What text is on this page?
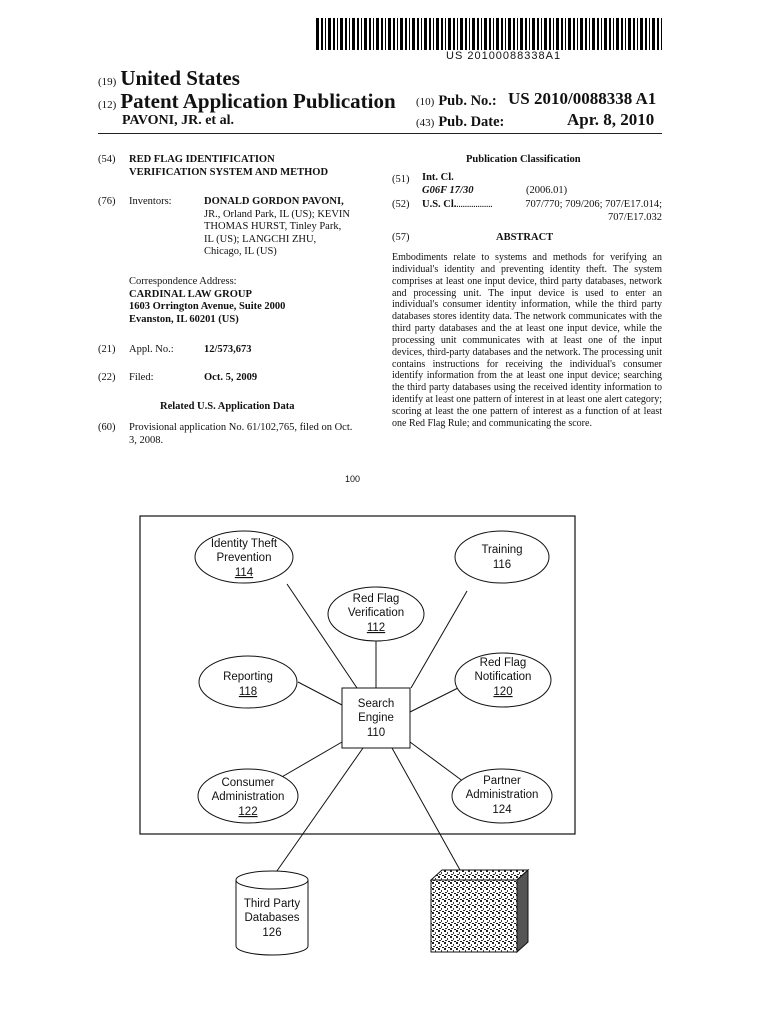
US 20100088338A1
(19) United States
(12) Patent Application Publication
PAVONI, JR. et al.
(10) Pub. No.: US 2010/0088338 A1
(43) Pub. Date:	Apr. 8, 2010
(54) RED FLAG IDENTIFICATION
VERIFICATION SYSTEM AND METHOD
(76) Inventors:	DONALD GORDON PAVONI,
JR., Orland Park, IL (US); KEVIN
THOMAS HURST, Tinley Park,
IL (US); LANGCHI ZHU,
Chicago, IL (US)
Correspondence Address:
CARDINAL LAW GROUP
1603 Orrington Avenue, Suite 2000
Evanston, IL 60201 (US)
(21) Appl. No.:	12/573,673
(22) Filed:	Oct. 5, 2009
Related U.S. Application Data
(60) Provisional application No. 61/102,765, filed on Oct.
3, 2008.
Publication Classification
(51) Int. Cl.
G06F 17/30	(2006.01)
(52) U.S. Cl.
..................	707/770; 709/206; 707/E17.014;
707/E17.032
(57)	ABSTRACT
Embodiments relate to systems and methods for verifying an individual's identity and preventing identity theft. The system comprises at least one input device, third party databases, network and processing unit. The input device is used to enter an individual's consumer identity information, while the third party databases stores identity data. The network communicates with the third party databases and the at least one input device, while the processing unit communicates with at least one of the input devices, third-party databases and the network. The processing unit contains instructions for receiving the individual's consumer identify information from the at least one input device; searching the third party databases using the received identity information to identify at least one pattern of interest in at least one alert category; scoring at least the one pattern of interest as a function of at least one Red Flag Rule; and communicating the score.
100
Identity Theft
Prevention
114
Training
116
Red Flag
Verification
112
Reporting
118
Red Flag
Notification
120
Search
Engine
110
Consumer
Administration
122
Partner
Administration
124
Third Party
Databases
126
